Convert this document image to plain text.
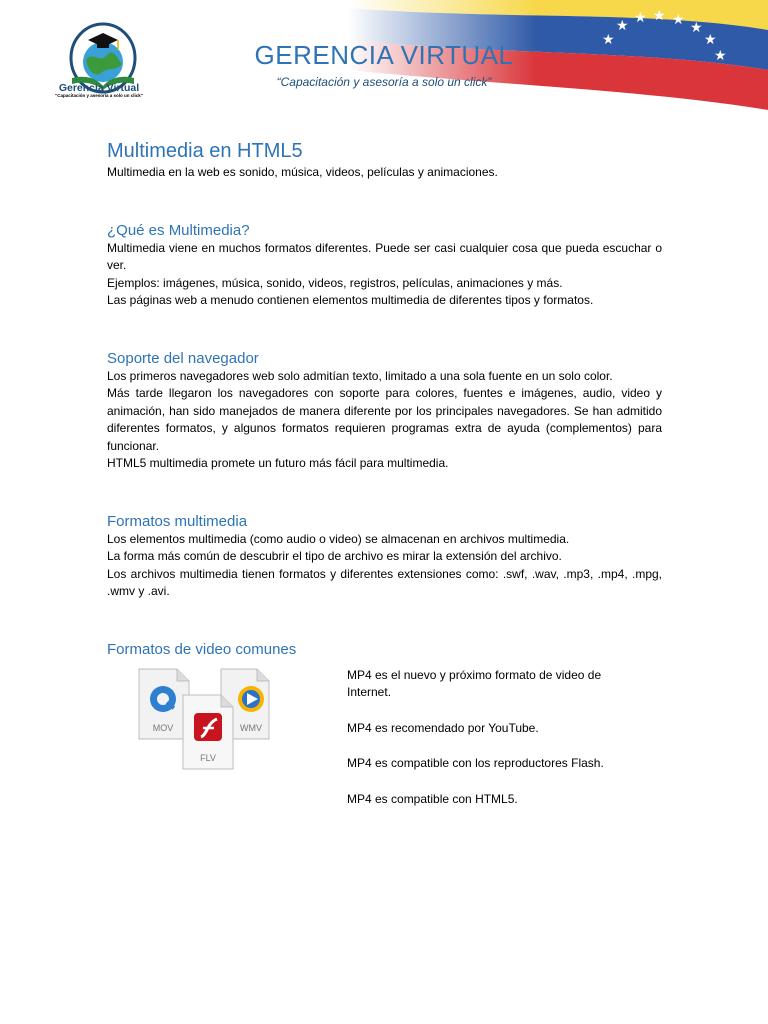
★
★ ★ ★ ★ ★
★
★
Gerencia Virtual
"Capacitación y asesoría a solo un click"
GERENCIA VIRTUAL
“Capacitación y asesoría a solo un click”
Multimedia en HTML5

Multimedia en la web es sonido, música, videos, películas y animaciones.

¿Qué es Multimedia?

Multimedia viene en muchos formatos diferentes. Puede ser casi cualquier cosa que pueda escuchar o ver.

Ejemplos: imágenes, música, sonido, videos, registros, películas, animaciones y más.

Las páginas web a menudo contienen elementos multimedia de diferentes tipos y formatos.

Soporte del navegador

Los primeros navegadores web solo admitían texto, limitado a una sola fuente en un solo color.

Más tarde llegaron los navegadores con soporte para colores, fuentes e imágenes, audio, video y animación, han sido manejados de manera diferente por los principales navegadores. Se han admitido diferentes formatos, y algunos formatos requieren programas extra de ayuda (complementos) para funcionar.

HTML5 multimedia promete un futuro más fácil para multimedia.

Formatos multimedia

Los elementos multimedia (como audio o video) se almacenan en archivos multimedia.

La forma más común de descubrir el tipo de archivo es mirar la extensión del archivo.

Los archivos multimedia tienen formatos y diferentes extensiones como: .swf, .wav, .mp3, .mp4, .mpg, .wmv y .avi.

Formatos de video comunes
MOV	WMV
FLV

MP4 es el nuevo y próximo formato de video de Internet.

MP4 es recomendado por YouTube.

MP4 es compatible con los reproductores Flash.

MP4 es compatible con HTML5.
